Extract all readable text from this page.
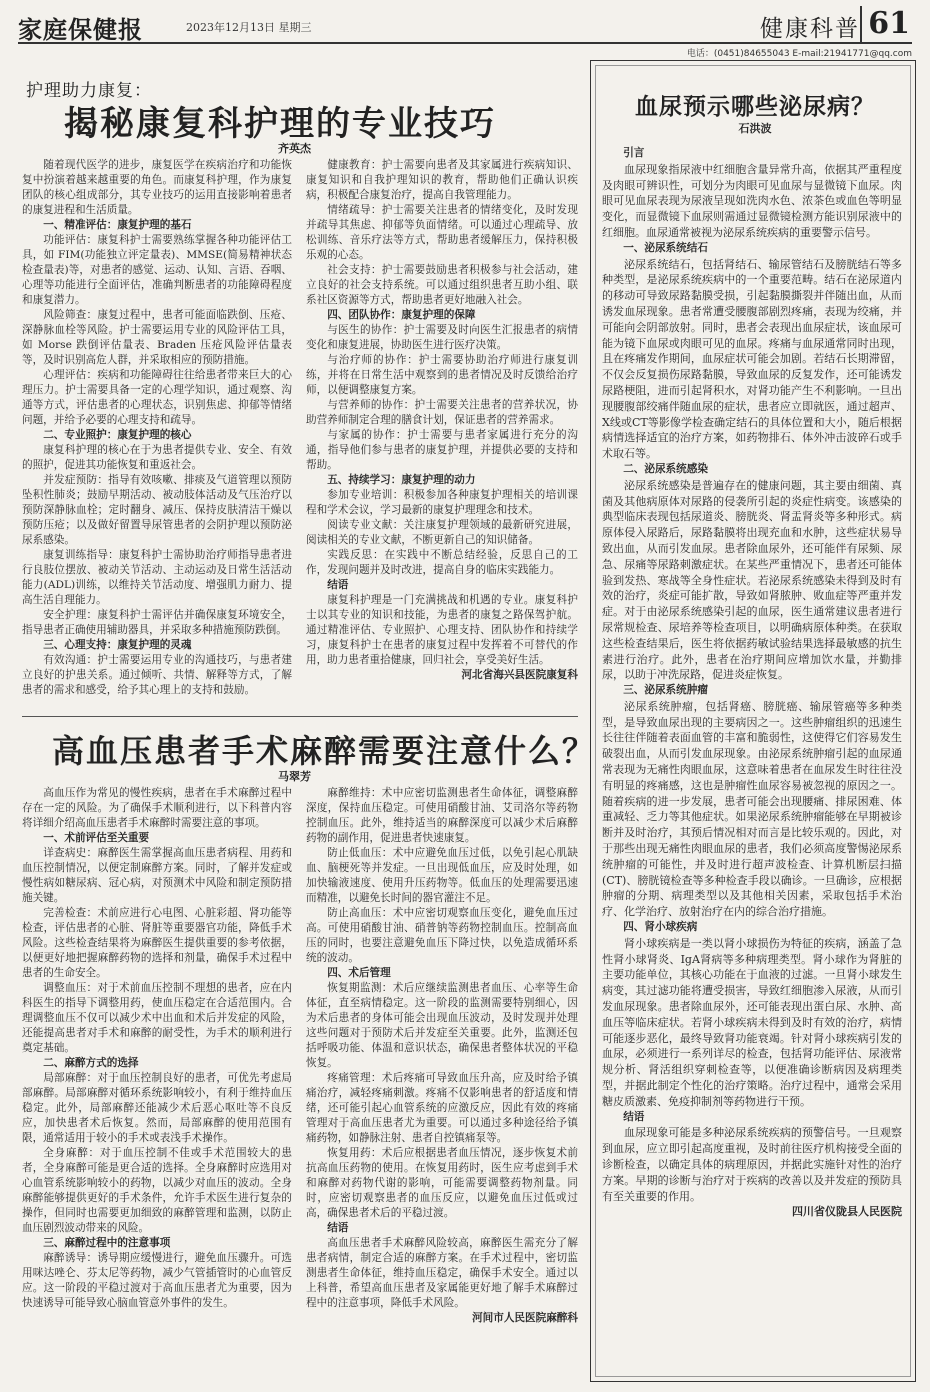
家庭保健报	2023年12月13日 星期三	健康科普 61
电话：(0451)84655043 E-mail:21941771@qq.com
护理助力康复：
揭秘康复科护理的专业技巧
齐英杰

随着现代医学的进步，康复医学在疾病治疗和功能恢复中扮演着越来越重要的角色。而康复科护理，作为康复团队的核心组成部分，其专业技巧的运用直接影响着患者的康复进程和生活质量。

一、精准评估：康复护理的基石

功能评估：康复科护士需要熟练掌握各种功能评估工具，如 FIM(功能独立评定量表)、MMSE(简易精神状态检查量表)等，对患者的感觉、运动、认知、言语、吞咽、心理等功能进行全面评估，准确判断患者的功能障碍程度和康复潜力。

风险筛查：康复过程中，患者可能面临跌倒、压疮、深静脉血栓等风险。护士需要运用专业的风险评估工具，如 Morse 跌倒评估量表、Braden 压疮风险评估量表等，及时识别高危人群，并采取相应的预防措施。

心理评估：疾病和功能障碍往往给患者带来巨大的心理压力。护士需要具备一定的心理学知识，通过观察、沟通等方式，评估患者的心理状态，识别焦虑、抑郁等情绪问题，并给予必要的心理支持和疏导。

二、专业照护：康复护理的核心

康复科护理的核心在于为患者提供专业、安全、有效的照护，促进其功能恢复和重返社会。

并发症预防：指导有效咳嗽、排痰及气道管理以预防坠积性肺炎；鼓励早期活动、被动肢体活动及气压治疗以预防深静脉血栓；定时翻身、减压、保持皮肤清洁干燥以预防压疮；以及做好留置导尿管患者的会阴护理以预防泌尿系感染。

康复训练指导：康复科护士需协助治疗师指导患者进行良肢位摆放、被动关节活动、主动运动及日常生活活动能力(ADL)训练，以维持关节活动度、增强肌力耐力、提高生活自理能力。

安全护理：康复科护士需评估并确保康复环境安全，指导患者正确使用辅助器具，并采取多种措施预防跌倒。

三、心理支持：康复护理的灵魂

有效沟通：护士需要运用专业的沟通技巧，与患者建立良好的护患关系。通过倾听、共情、解释等方式，了解患者的需求和感受，给予其心理上的支持和鼓励。

健康教育：护士需要向患者及其家属进行疾病知识、康复知识和自我护理知识的教育，帮助他们正确认识疾病，积极配合康复治疗，提高自我管理能力。

情绪疏导：护士需要关注患者的情绪变化，及时发现并疏导其焦虑、抑郁等负面情绪。可以通过心理疏导、放松训练、音乐疗法等方式，帮助患者缓解压力，保持积极乐观的心态。

社会支持：护士需要鼓励患者积极参与社会活动，建立良好的社会支持系统。可以通过组织患者互助小组、联系社区资源等方式，帮助患者更好地融入社会。

四、团队协作：康复护理的保障

与医生的协作：护士需要及时向医生汇报患者的病情变化和康复进展，协助医生进行医疗决策。

与治疗师的协作：护士需要协助治疗师进行康复训练，并将在日常生活中观察到的患者情况及时反馈给治疗师，以便调整康复方案。

与营养师的协作：护士需要关注患者的营养状况，协助营养师制定合理的膳食计划，保证患者的营养需求。

与家属的协作：护士需要与患者家属进行充分的沟通，指导他们参与患者的康复护理，并提供必要的支持和帮助。

五、持续学习：康复护理的动力

参加专业培训：积极参加各种康复护理相关的培训课程和学术会议，学习最新的康复护理理念和技术。

阅读专业文献：关注康复护理领域的最新研究进展，阅读相关的专业文献，不断更新自己的知识储备。

实践反思：在实践中不断总结经验，反思自己的工作，发现问题并及时改进，提高自身的临床实践能力。

结语

康复科护理是一门充满挑战和机遇的专业。康复科护士以其专业的知识和技能，为患者的康复之路保驾护航。通过精准评估、专业照护、心理支持、团队协作和持续学习，康复科护士在患者的康复过程中发挥着不可替代的作用，助力患者重拾健康，回归社会，享受美好生活。

河北省海兴县医院康复科

高血压患者手术麻醉需要注意什么？
马翠芳

高血压作为常见的慢性疾病，患者在手术麻醉过程中存在一定的风险。为了确保手术顺利进行，以下科普内容将详细介绍高血压患者手术麻醉时需要注意的事项。

一、术前评估至关重要

详查病史：麻醉医生需掌握高血压患者病程、用药和血压控制情况，以便定制麻醉方案。同时，了解并发症或慢性病如糖尿病、冠心病，对预测术中风险和制定预防措施关键。

完善检查：术前应进行心电图、心脏彩超、肾功能等检查，评估患者的心脏、肾脏等重要器官功能，降低手术风险。这些检查结果将为麻醉医生提供重要的参考依据，以便更好地把握麻醉药物的选择和剂量，确保手术过程中患者的生命安全。

调整血压：对于术前血压控制不理想的患者，应在内科医生的指导下调整用药，使血压稳定在合适范围内。合理调整血压不仅可以减少术中出血和术后并发症的风险，还能提高患者对手术和麻醉的耐受性，为手术的顺利进行奠定基础。

二、麻醉方式的选择

局部麻醉：对于血压控制良好的患者，可优先考虑局部麻醉。局部麻醉对循环系统影响较小，有利于维持血压稳定。此外，局部麻醉还能减少术后恶心呕吐等不良反应，加快患者术后恢复。然而，局部麻醉的使用范围有限，通常适用于较小的手术或表浅手术操作。

全身麻醉：对于血压控制不佳或手术范围较大的患者，全身麻醉可能是更合适的选择。全身麻醉时应选用对心血管系统影响较小的药物，以减少对血压的波动。全身麻醉能够提供更好的手术条件，允许手术医生进行复杂的操作，但同时也需要更加细致的麻醉管理和监测，以防止血压剧烈波动带来的风险。

三、麻醉过程中的注意事项

麻醉诱导：诱导期应缓慢进行，避免血压骤升。可选用咪达唑仑、芬太尼等药物，减少气管插管时的心血管反应。这一阶段的平稳过渡对于高血压患者尤为重要，因为快速诱导可能导致心脑血管意外事件的发生。

麻醉维持：术中应密切监测患者生命体征，调整麻醉深度，保持血压稳定。可使用硝酸甘油、艾司洛尔等药物控制血压。此外，维持适当的麻醉深度可以减少术后麻醉药物的副作用，促进患者快速康复。

防止低血压：术中应避免血压过低，以免引起心肌缺血、脑梗死等并发症。一旦出现低血压，应及时处理，如加快输液速度、使用升压药物等。低血压的处理需要迅速而精准，以避免长时间的器官灌注不足。

防止高血压：术中应密切观察血压变化，避免血压过高。可使用硝酸甘油、硝普钠等药物控制血压。控制高血压的同时，也要注意避免血压下降过快，以免造成循环系统的波动。

四、术后管理

恢复期监测：术后应继续监测患者血压、心率等生命体征，直至病情稳定。这一阶段的监测需要特别细心，因为术后患者的身体可能会出现血压波动，及时发现并处理这些问题对于预防术后并发症至关重要。此外，监测还包括呼吸功能、体温和意识状态，确保患者整体状况的平稳恢复。

疼痛管理：术后疼痛可导致血压升高，应及时给予镇痛治疗，减轻疼痛刺激。疼痛不仅影响患者的舒适度和情绪，还可能引起心血管系统的应激反应，因此有效的疼痛管理对于高血压患者尤为重要。可以通过多种途径给予镇痛药物，如静脉注射、患者自控镇痛泵等。

恢复用药：术后应根据患者血压情况，逐步恢复术前抗高血压药物的使用。在恢复用药时，医生应考虑到手术和麻醉对药物代谢的影响，可能需要调整药物剂量。同时，应密切观察患者的血压反应，以避免血压过低或过高，确保患者术后的平稳过渡。

结语

高血压患者手术麻醉风险较高，麻醉医生需充分了解患者病情，制定合适的麻醉方案。在手术过程中，密切监测患者生命体征，维持血压稳定，确保手术安全。通过以上科普，希望高血压患者及家属能更好地了解手术麻醉过程中的注意事项，降低手术风险。

河间市人民医院麻醉科

血尿预示哪些泌尿病？
石洪波
引言

血尿现象指尿液中红细胞含量异常升高，依据其严重程度及肉眼可辨识性，可划分为肉眼可见血尿与显微镜下血尿。肉眼可见血尿表现为尿液呈现如洗肉水色、浓茶色或血色等明显变化，而显微镜下血尿则需通过显微镜检测方能识别尿液中的红细胞。血尿通常被视为泌尿系统疾病的重要警示信号。

一、泌尿系统结石

泌尿系统结石，包括肾结石、输尿管结石及膀胱结石等多种类型，是泌尿系统疾病中的一个重要范畴。结石在泌尿道内的移动可导致尿路黏膜受损，引起黏膜撕裂并伴随出血，从而诱发血尿现象。患者常遭受腰腹部剧烈疼痛，表现为绞痛，并可能向会阴部放射。同时，患者会表现出血尿症状，该血尿可能为镜下血尿或肉眼可见的血尿。疼痛与血尿通常同时出现，且在疼痛发作期间，血尿症状可能会加剧。若结石长期滞留，不仅会反复损伤尿路黏膜，导致血尿的反复发作，还可能诱发尿路梗阻，进而引起肾积水，对肾功能产生不利影响。一旦出现腰腹部绞痛伴随血尿的症状，患者应立即就医，通过超声、X线或CT等影像学检查确定结石的具体位置和大小，随后根据病情选择适宜的治疗方案，如药物排石、体外冲击波碎石或手术取石等。

二、泌尿系统感染

泌尿系统感染是普遍存在的健康问题，其主要由细菌、真菌及其他病原体对尿路的侵袭所引起的炎症性病变。该感染的典型临床表现包括尿道炎、膀胱炎、肾盂肾炎等多种形式。病原体侵入尿路后，尿路黏膜将出现充血和水肿，这些症状易导致出血，从而引发血尿。患者除血尿外，还可能伴有尿频、尿急、尿痛等尿路刺激症状。在某些严重情况下，患者还可能体验到发热、寒战等全身性症状。若泌尿系统感染未得到及时有效的治疗，炎症可能扩散，导致如肾脓肿、败血症等严重并发症。对于由泌尿系统感染引起的血尿，医生通常建议患者进行尿常规检查、尿培养等检查项目，以明确病原体种类。在获取这些检查结果后，医生将依据药敏试验结果选择最敏感的抗生素进行治疗。此外，患者在治疗期间应增加饮水量，并勤排尿，以助于冲洗尿路，促进炎症恢复。

三、泌尿系统肿瘤

泌尿系统肿瘤，包括肾癌、膀胱癌、输尿管癌等多种类型，是导致血尿出现的主要病因之一。这些肿瘤组织的迅速生长往往伴随着表面血管的丰富和脆弱性，这使得它们容易发生破裂出血，从而引发血尿现象。由泌尿系统肿瘤引起的血尿通常表现为无痛性肉眼血尿，这意味着患者在血尿发生时往往没有明显的疼痛感，这也是肿瘤性血尿容易被忽视的原因之一。随着疾病的进一步发展，患者可能会出现腰痛、排尿困难、体重减轻、乏力等其他症状。如果泌尿系统肿瘤能够在早期被诊断并及时治疗，其预后情况相对而言是比较乐观的。因此，对于那些出现无痛性肉眼血尿的患者，我们必须高度警惕泌尿系统肿瘤的可能性，并及时进行超声波检查、计算机断层扫描(CT)、膀胱镜检查等多种检查手段以确诊。一旦确诊，应根据肿瘤的分期、病理类型以及其他相关因素，采取包括手术治疗、化学治疗、放射治疗在内的综合治疗措施。

四、肾小球疾病

肾小球疾病是一类以肾小球损伤为特征的疾病，涵盖了急性肾小球肾炎、IgA肾病等多种病理类型。肾小球作为肾脏的主要功能单位，其核心功能在于血液的过滤。一旦肾小球发生病变，其过滤功能将遭受损害，导致红细胞渗入尿液，从而引发血尿现象。患者除血尿外，还可能表现出蛋白尿、水肿、高血压等临床症状。若肾小球疾病未得到及时有效的治疗，病情可能逐步恶化，最终导致肾功能衰竭。针对肾小球疾病引发的血尿，必须进行一系列详尽的检查，包括肾功能评估、尿液常规分析、肾活组织穿刺检查等，以便准确诊断病因及病理类型，并据此制定个性化的治疗策略。治疗过程中，通常会采用糖皮质激素、免疫抑制剂等药物进行干预。

结语

血尿现象可能是多种泌尿系统疾病的预警信号。一旦观察到血尿，应立即引起高度重视，及时前往医疗机构接受全面的诊断检查，以确定具体的病理原因，并据此实施针对性的治疗方案。早期的诊断与治疗对于疾病的改善以及并发症的预防具有至关重要的作用。

四川省仪陇县人民医院
